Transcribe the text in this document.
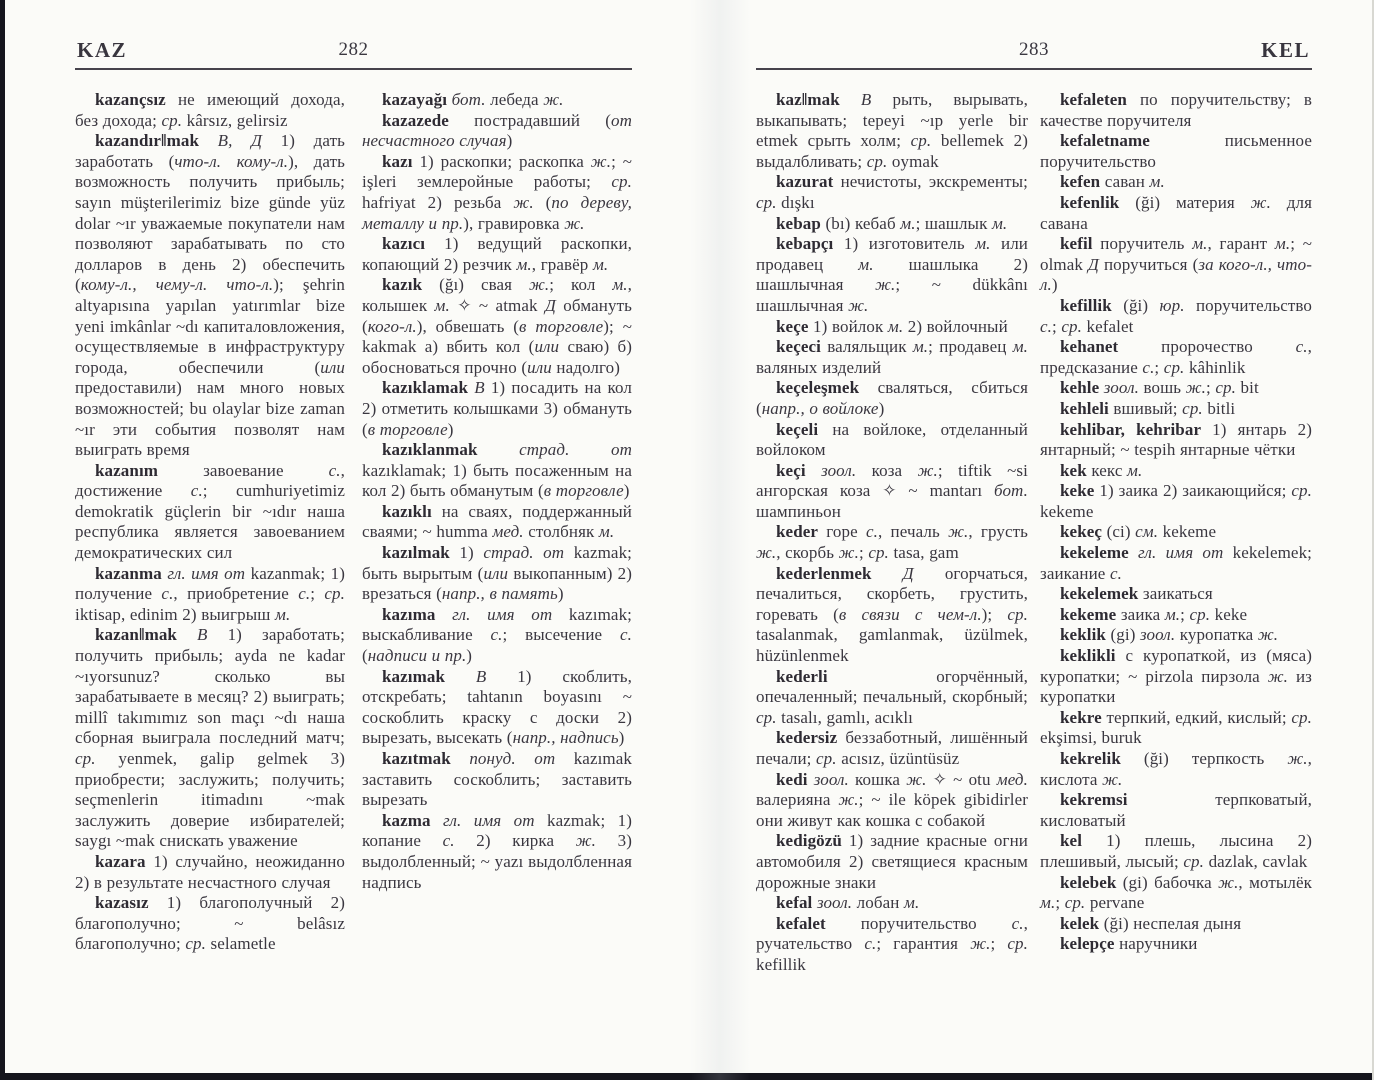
KAZ	282

kazançsız не имеющий дохода, без дохода; ср. kârsız, gelirsiz

kazandır‖mak В, Д 1) дать заработать (что-л. кому-л.), дать возможность получить прибыль; sayın müşterilerimiz bize günde yüz dolar ~ır уважаемые покупатели нам позволяют зарабатывать по сто долларов в день 2) обеспечить (кому-л., чему-л. что-л.); şehrin altyapısına yapılan yatırımlar bize yeni imkânlar ~dı капиталовложения, осуществляемые в инфраструктуру города, обеспечили (или предоставили) нам много новых возможностей; bu olaylar bize zaman ~ır эти события позволят нам выиграть время

kazanım завоевание с., достижение с.; cumhuriyetimiz demokratik güçlerin bir ~ıdır наша республика является завоеванием демократических сил

kazanma гл. имя от kazanmak; 1) получение с., приобретение с.; ср. iktisap, edinim 2) выигрыш м.

kazan‖mak В 1) заработать; получить прибыль; ayda ne kadar ~ıyorsunuz? сколько вы зарабатываете в месяц? 2) выиграть; millî takımımız son maçı ~dı наша сборная выиграла последний матч; ср. yenmek, galip gelmek 3) приобрести; заслужить; получить; seçmenlerin itimadını ~mak заслужить доверие избирателей; saygı ~mak снискать уважение

kazara 1) случайно, неожиданно 2) в результате несчастного случая

kazasız 1) благополучный 2) благополучно; ~ belâsız благополучно; ср. selametle

kazayağı бот. лебеда ж.

kazazede пострадавший (от несчастного случая)

kazı 1) раскопки; раскопка ж.; ~ işleri землеройные работы; ср. hafriyat 2) резьба ж. (по дереву, металлу и пр.), гравировка ж.

kazıcı 1) ведущий раскопки, копающий 2) резчик м., гравёр м.

kazık (ğı) свая ж.; кол м., колышек м. ✧ ~ atmak Д обмануть (кого-л.), обвешать (в торговле); ~ kakmak а) вбить кол (или сваю) б) обосноваться прочно (или надолго)

kazıklamak В 1) посадить на кол 2) отметить колышками 3) обмануть (в торговле)

kazıklanmak страд. от kazıklamak; 1) быть посаженным на кол 2) быть обманутым (в торговле)

kazıklı на сваях, поддержанный сваями; ~ humma мед. столбняк м.

kazılmak 1) страд. от kazmak; быть вырытым (или выкопанным) 2) врезаться (напр., в память)

kazıma гл. имя от kazımak; выскабливание с.; высечение с. (надписи и пр.)

kazımak В 1) скоблить, отскребать; tahtanın boyasını ~ соскоблить краску с доски 2) вырезать, высекать (напр., надпись)

kazıtmak понуд. от kazımak заставить соскоблить; заставить вырезать

kazma гл. имя от kazmak; 1) копание с. 2) кирка ж. 3) выдолбленный; ~ yazı выдолбленная надпись

283	KEL

kaz‖mak В рыть, вырывать, выкапывать; tepeyi ~ıp yerle bir etmek срыть холм; ср. bellemek 2) выдалбливать; ср. oymak

kazurat нечистоты, экскременты; ср. dışkı

kebap (bı) кебаб м.; шашлык м.

kebapçı 1) изготовитель м. или продавец м. шашлыка 2) шашлычная ж.; ~ dükkânı шашлычная ж.

keçe 1) войлок м. 2) войлочный

keçeci валяльщик м.; продавец м. валяных изделий

keçeleşmek сваляться, сбиться (напр., о войлоке)

keçeli на войлоке, отделанный войлоком

keçi зоол. коза ж.; tiftik ~si ангорская коза ✧ ~ mantarı бот. шампиньон

keder горе с., печаль ж., грусть ж., скорбь ж.; ср. tasa, gam

kederlenmek Д огорчаться, печалиться, скорбеть, грустить, горевать (в связи с чем-л.); ср. tasalanmak, gamlanmak, üzülmek, hüzünlenmek

kederli огорчённый, опечаленный; печальный, скорбный; ср. tasalı, gamlı, acıklı

kedersiz беззаботный, лишённый печали; ср. acısız, üzüntüsüz

kedi зоол. кошка ж. ✧ ~ otu мед. валерияна ж.; ~ ile köpek gibidirler они живут как кошка с собакой

kedigözü 1) задние красные огни автомобиля 2) светящиеся красным дорожные знаки

kefal зоол. лобан м.

kefalet поручительство с., ручательство с.; гарантия ж.; ср. kefillik

kefaleten по поручительству; в качестве поручителя

kefaletname письменное поручительство

kefen саван м.

kefenlik (ği) материя ж. для савана

kefil поручитель м., гарант м.; ~ olmak Д поручиться (за кого-л., что-л.)

kefillik (ği) юр. поручительство с.; ср. kefalet

kehanet пророчество с., предсказание с.; ср. kâhinlik

kehle зоол. вошь ж.; ср. bit

kehleli вшивый; ср. bitli

kehlibar, kehribar 1) янтарь 2) янтарный; ~ tespih янтарные чётки

kek кекс м.

keke 1) заика 2) заикающийся; ср. kekeme

kekeç (ci) см. kekeme

kekeleme гл. имя от kekelemek; заикание с.

kekelemek заикаться

kekeme заика м.; ср. keke

keklik (gi) зоол. куропатка ж.

keklikli с куропаткой, из (мяса) куропатки; ~ pirzola пирзола ж. из куропатки

kekre терпкий, едкий, кислый; ср. ekşimsi, buruk

kekrelik (ği) терпкость ж., кислота ж.

kekremsi терпковатый, кисловатый

kel 1) плешь, лысина 2) плешивый, лысый; ср. dazlak, cavlak

kelebek (gi) бабочка ж., мотылёк м.; ср. pervane

kelek (ği) неспелая дыня

kelepçe наручники
